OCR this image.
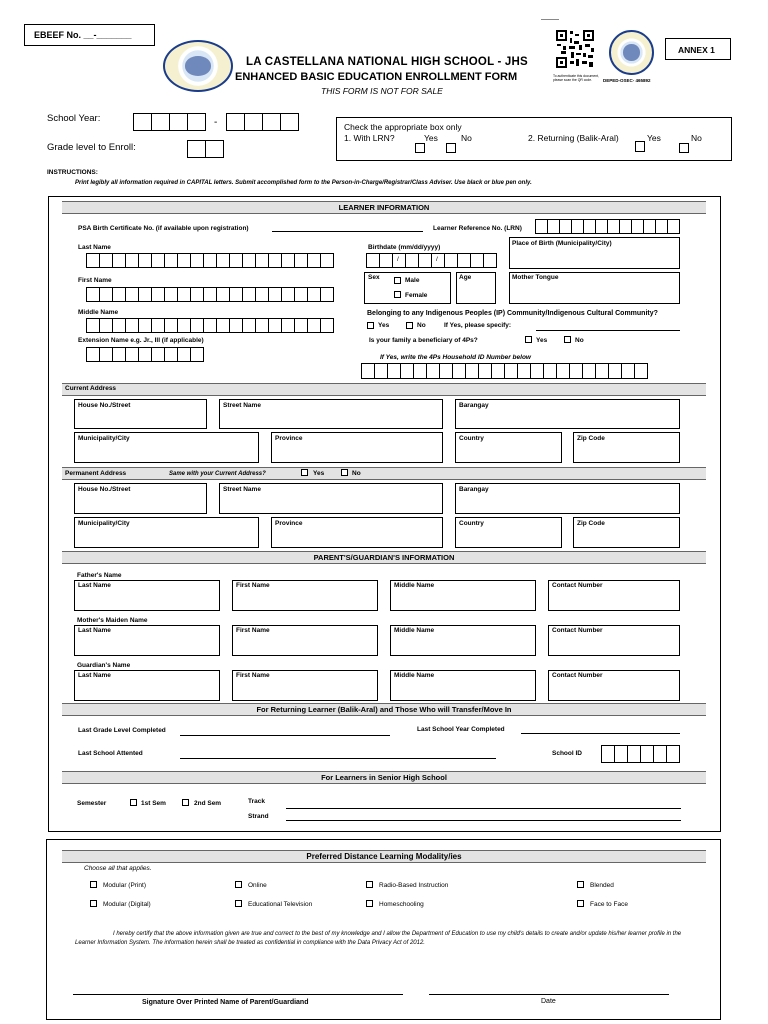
EBEEF No. __-_______
LA CASTELLANA NATIONAL HIGH SCHOOL - JHS
ENHANCED BASIC EDUCATION ENROLLMENT FORM
THIS FORM IS NOT FOR SALE
To authenticate this document, please scan the QR code.	DEPED-OSEC- 465892
ANNEX 1
School Year:	-
Grade level to Enroll:
Check the appropriate box only
1. With LRN?	Yes	No	2. Returning (Balik-Aral)	Yes	No
INSTRUCTIONS:
Print legibly all information required in CAPITAL letters. Submit accomplished form to the Person-in-Charge/Registrar/Class Adviser. Use black or blue pen only.
LEARNER INFORMATION
PSA Birth Certificate No. (if available upon registration)	Learner Reference No. (LRN)
Last Name
First Name
Middle Name
Extension Name e.g. Jr., III (if applicable)
Birthdate (mm/dd/yyyy)
/	/
Place of Birth (Municipality/City)
Sex	Male
Female
Age	Mother Tongue
Belonging to any Indigenous Peoples (IP) Community/Indigenous Cultural Community?
Yes	No	If Yes, please specify:
Is your family a beneficiary of 4Ps?	Yes	No
If Yes, write the 4Ps Household ID Number below
Current Address
House No./Street	Street Name	Barangay
Municipality/City	Province	Country	Zip Code
Permanent Address	Same with your Current Address?	Yes	No
House No./Street	Street Name	Barangay
Municipality/City	Province	Country	Zip Code
PARENT'S/GUARDIAN'S INFORMATION
Father's Name
Last Name	First Name	Middle Name	Contact Number
Mother's Maiden Name
Last Name	First Name	Middle Name	Contact Number
Guardian's Name
Last Name	First Name	Middle Name	Contact Number
For Returning Learner (Balik-Aral) and Those Who will Transfer/Move In
Last Grade Level Completed	Last School Year Completed
Last School Attented	School ID
For Learners in Senior High School
Semester	1st Sem	2nd Sem	Track
Strand
Preferred Distance Learning Modality/ies
Choose all that applies.
Modular (Print)	Online	Radio-Based Instruction	Blended
Modular (Digital)	Educational Television	Homeschooling	Face to Face
I hereby certify that the above information given are true and correct to the best of my knowledge and I allow the Department of Education to use my child's details to create and/or update his/her learner profile in the Learner Information System. The information herein shall be treated as confidential in compliance with the Data Privacy Act of 2012.
Signature Over Printed Name of Parent/Guardiand	Date
